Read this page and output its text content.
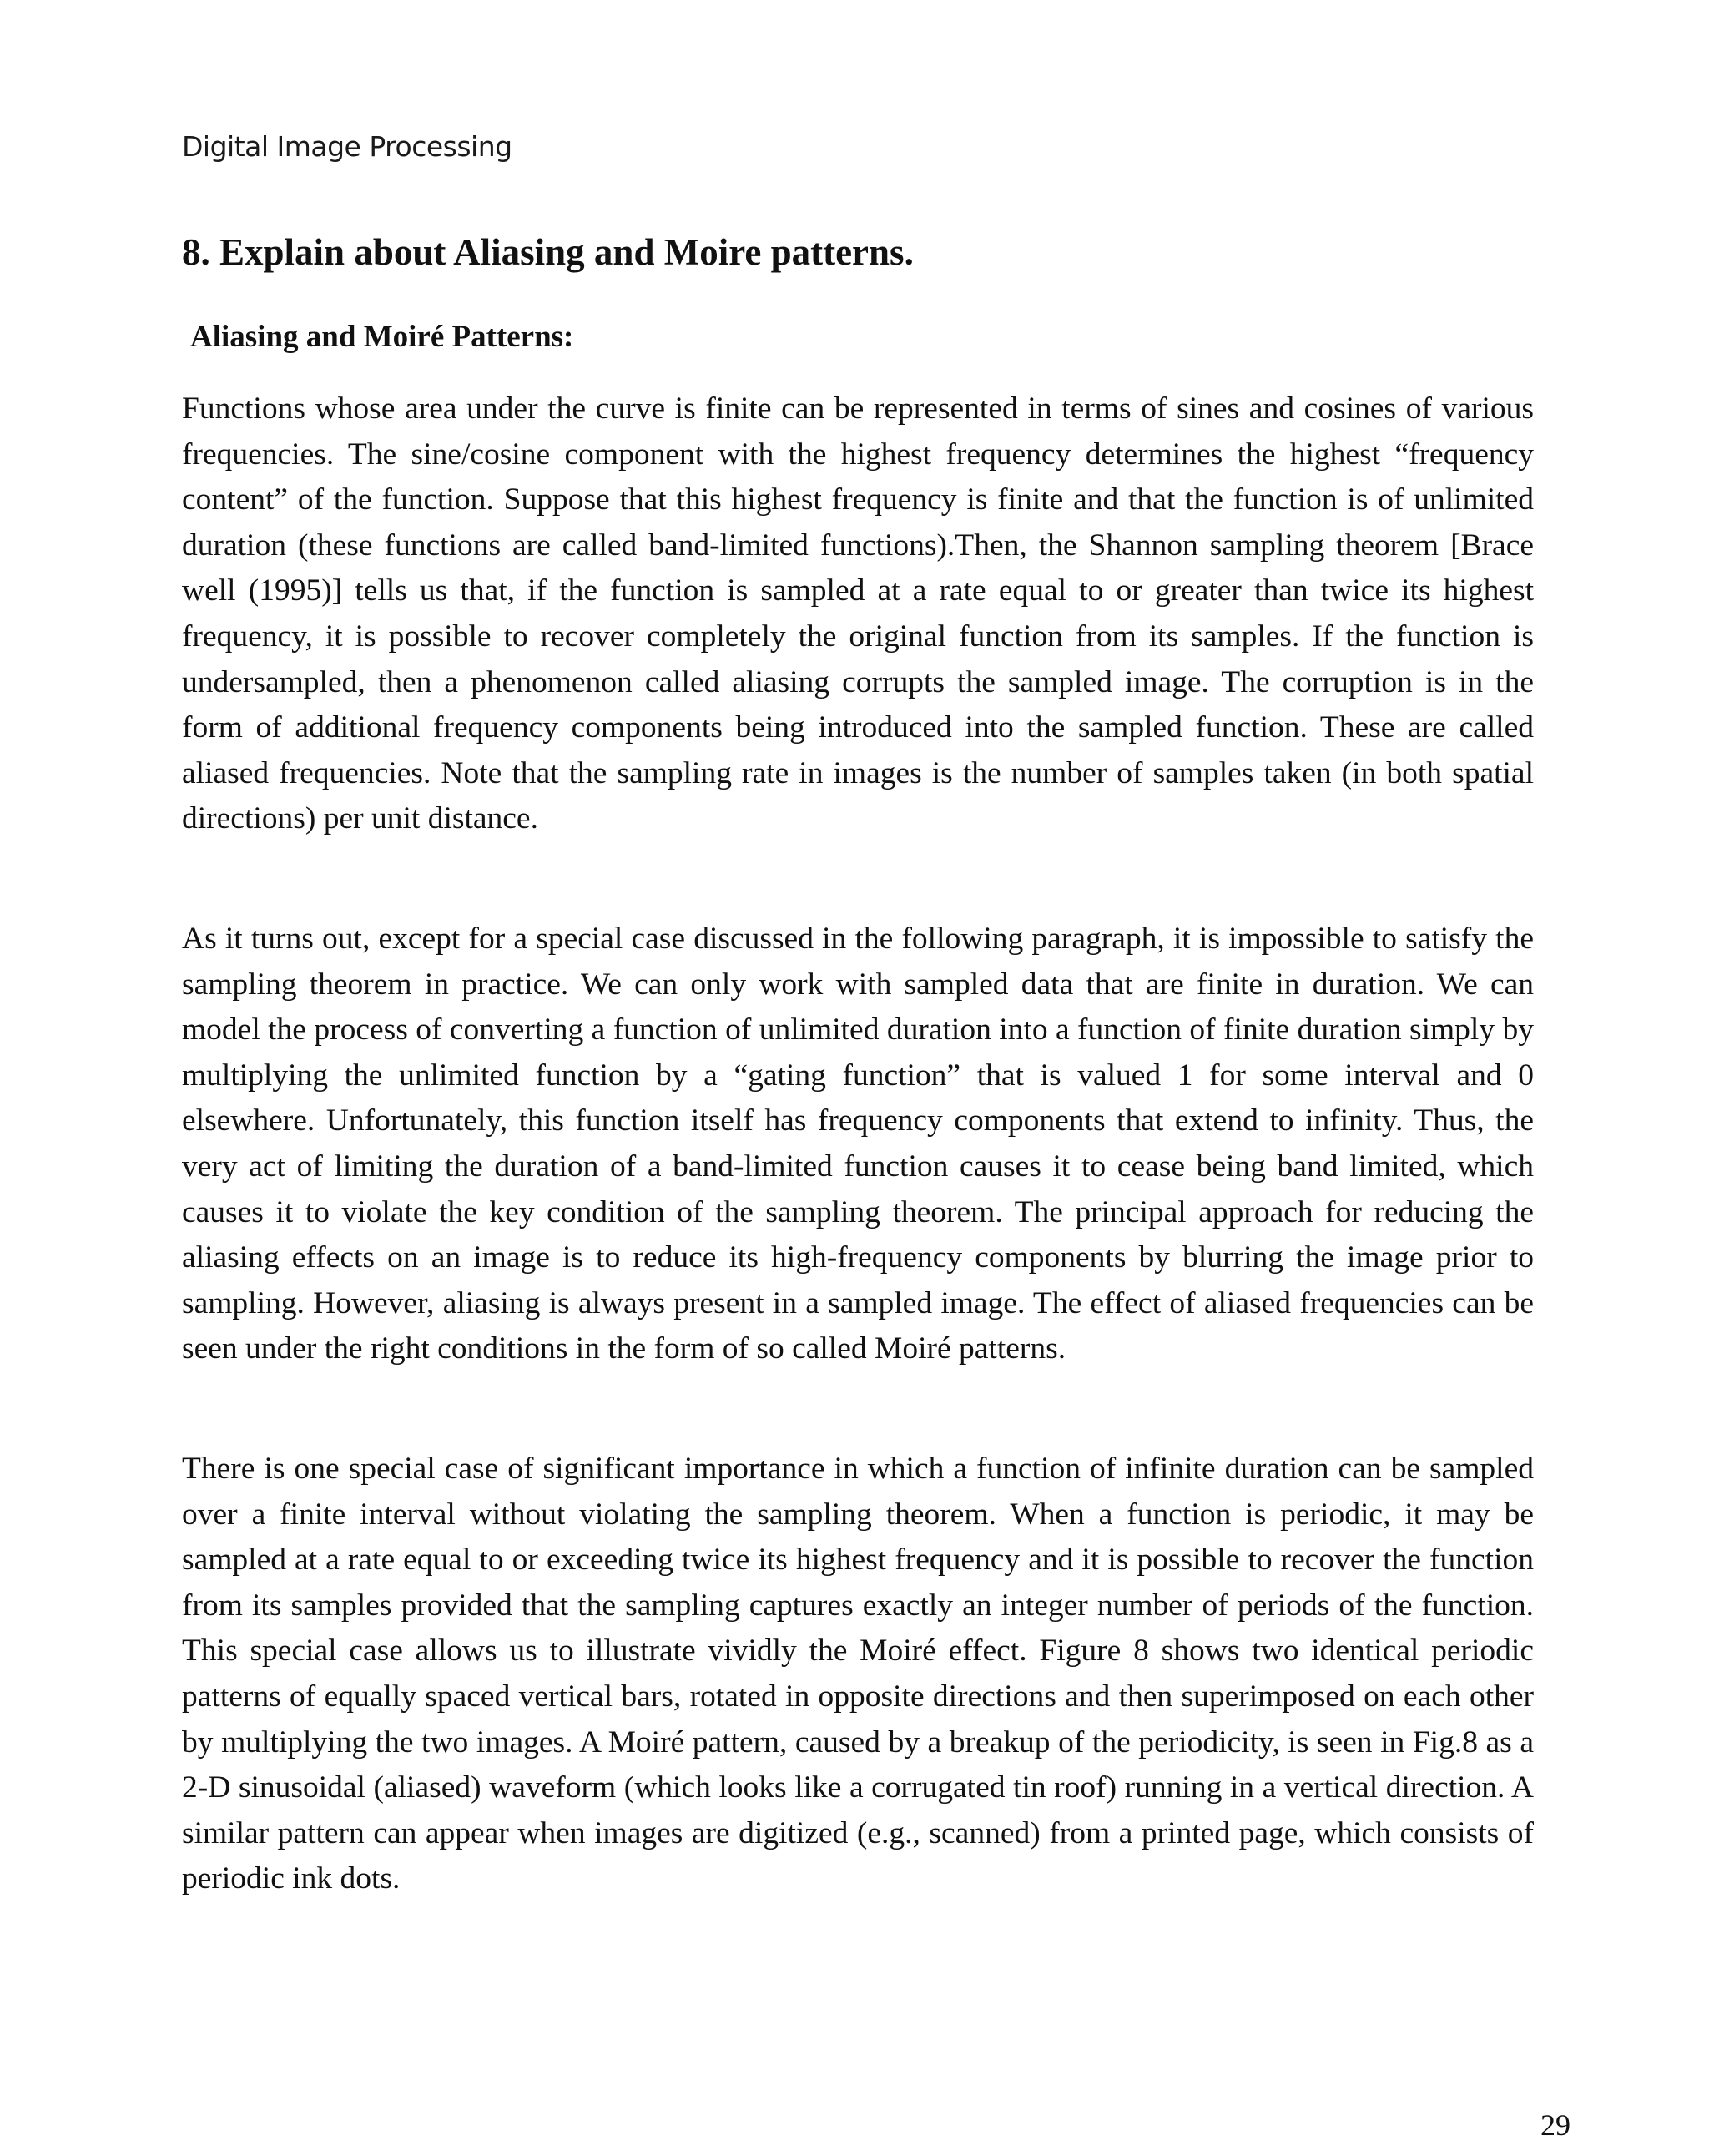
Digital Image Processing
8. Explain about Aliasing and Moire patterns.
Aliasing and Moiré Patterns:

Functions whose area under the curve is finite can be represented in terms of sines and cosines of various frequencies. The sine/cosine component with the highest frequency determines the highest “frequency content” of the function. Suppose that this highest frequency is finite and that the function is of unlimited duration (these functions are called band-limited functions).Then, the Shannon sampling theorem [Brace well (1995)] tells us that, if the function is sampled at a rate equal to or greater than twice its highest frequency, it is possible to recover completely the original function from its samples. If the function is undersampled, then a phenomenon called aliasing corrupts the sampled image. The corruption is in the form of additional frequency components being introduced into the sampled function. These are called aliased frequencies. Note that the sampling rate in images is the number of samples taken (in both spatial directions) per unit distance.

As it turns out, except for a special case discussed in the following paragraph, it is impossible to satisfy the sampling theorem in practice. We can only work with sampled data that are finite in duration. We can model the process of converting a function of unlimited duration into a function of finite duration simply by multiplying the unlimited function by a “gating function” that is valued 1 for some interval and 0 elsewhere. Unfortunately, this function itself has frequency components that extend to infinity. Thus, the very act of limiting the duration of a band-limited function causes it to cease being band limited, which causes it to violate the key condition of the sampling theorem. The principal approach for reducing the aliasing effects on an image is to reduce its high-frequency components by blurring the image prior to sampling. However, aliasing is always present in a sampled image. The effect of aliased frequencies can be seen under the right conditions in the form of so called Moiré patterns.

There is one special case of significant importance in which a function of infinite duration can be sampled over a finite interval without violating the sampling theorem. When a function is periodic, it may be sampled at a rate equal to or exceeding twice its highest frequency and it is possible to recover the function from its samples provided that the sampling captures exactly an integer number of periods of the function. This special case allows us to illustrate vividly the Moiré effect. Figure 8 shows two identical periodic patterns of equally spaced vertical bars, rotated in opposite directions and then superimposed on each other by multiplying the two images. A Moiré pattern, caused by a breakup of the periodicity, is seen in Fig.8 as a 2-D sinusoidal (aliased) waveform (which looks like a corrugated tin roof) running in a vertical direction. A similar pattern can appear when images are digitized (e.g., scanned) from a printed page, which consists of periodic ink dots.

29
